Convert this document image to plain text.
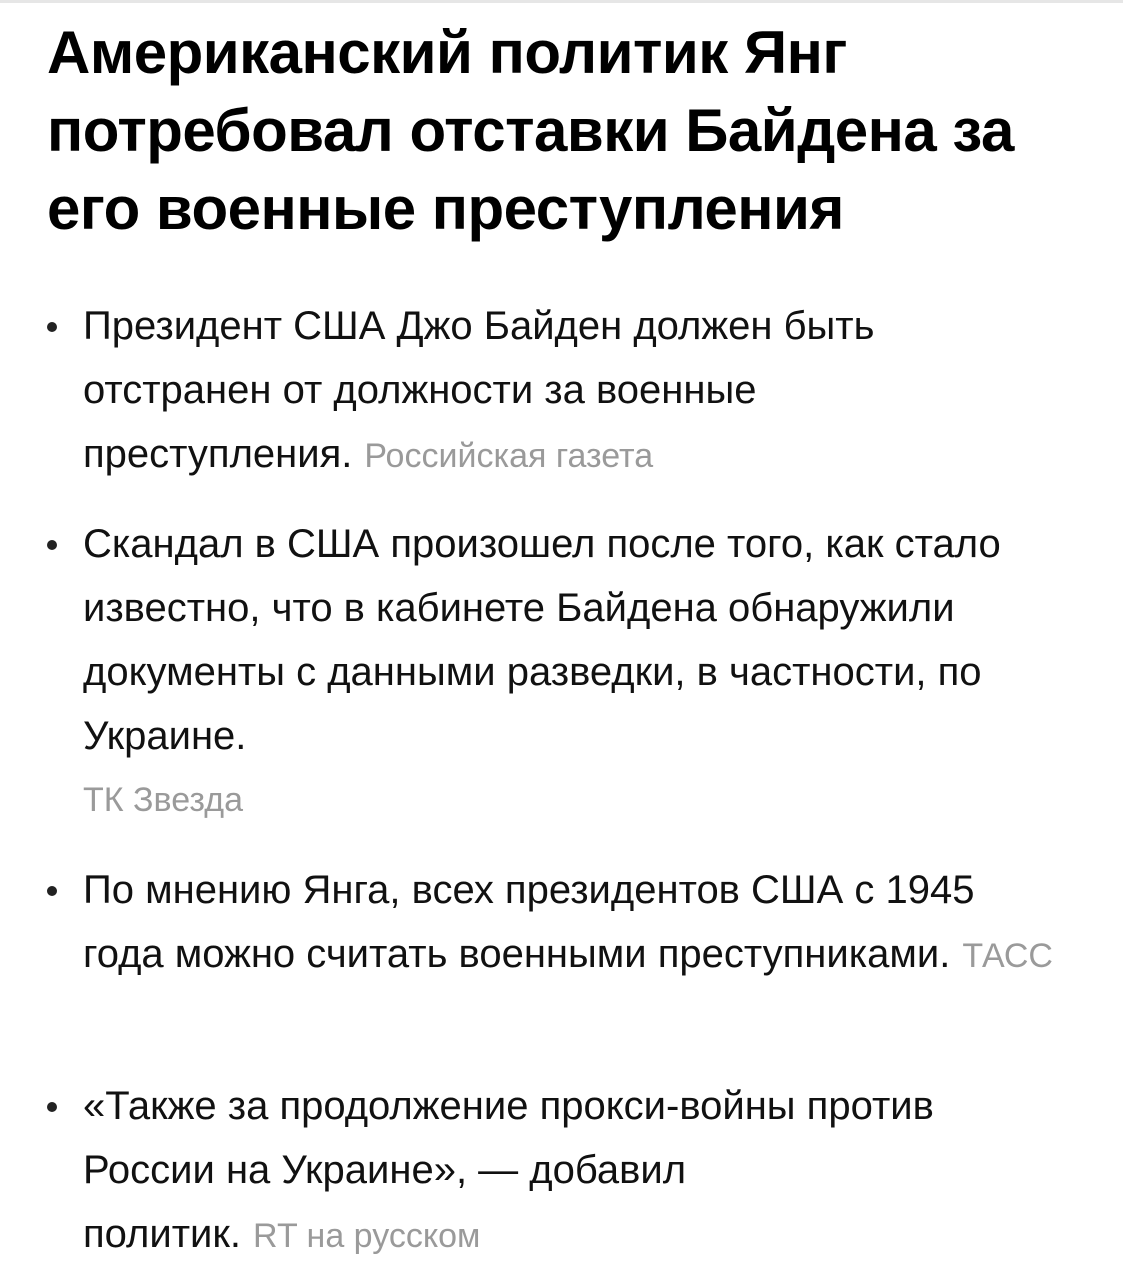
Американский политик Янг потребовал отставки Байдена за его военные преступления

Президент США Джо Байден должен быть отстранен от должности за военные преступления. Российская газета

Скандал в США произошел после того, как стало известно, что в кабинете Байдена обнаружили документы с данными разведки, в частности, по Украине.
ТК Звезда

По мнению Янга, всех президентов США с 1945 года можно считать военными преступниками. ТАСС

«Также за продолжение прокси-войны против России на Украине», — добавил политик. RT на русском
